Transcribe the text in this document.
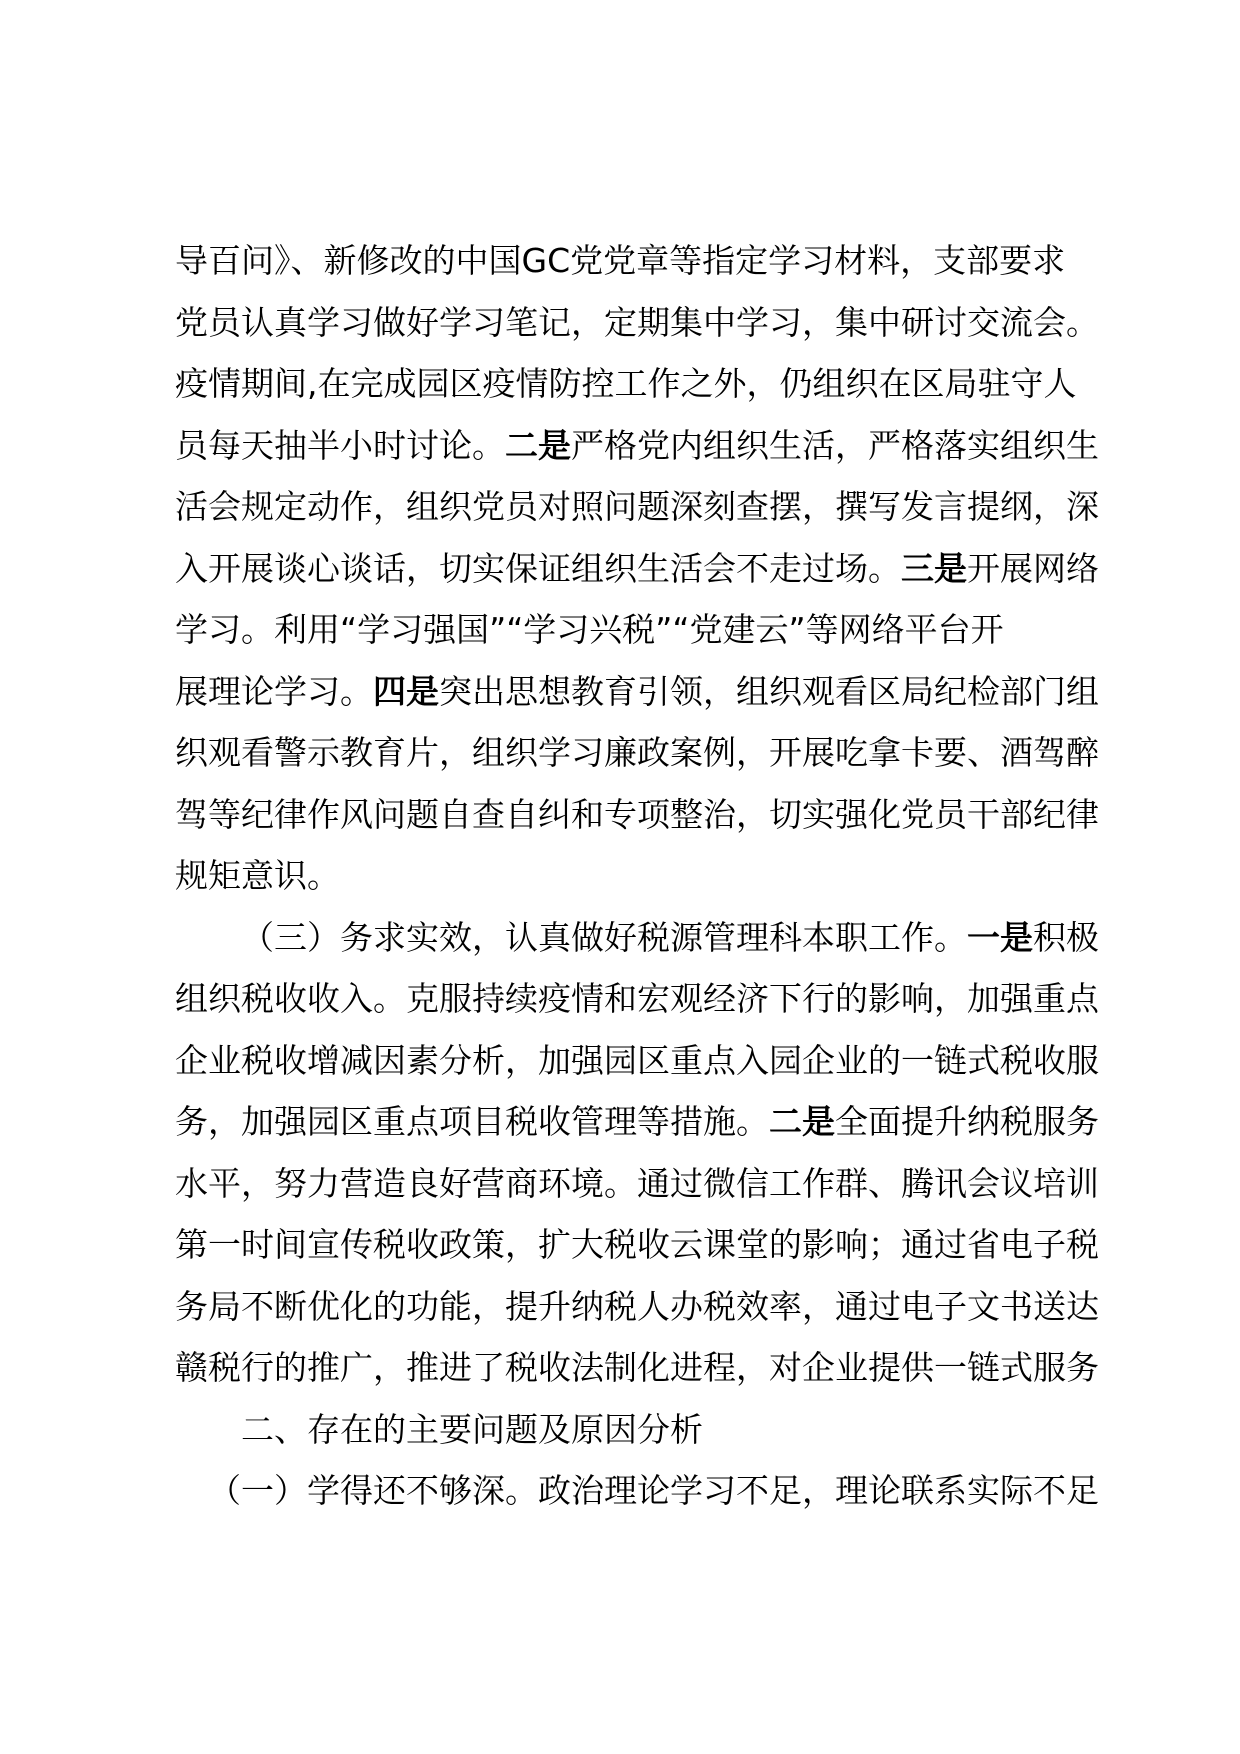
导百问》、新修改的中国GC党党章等指定学习材料，支部要求
党员认真学习做好学习笔记，定期集中学习，集中研讨交流会。
疫情期间,在完成园区疫情防控工作之外，仍组织在区局驻守人
员每天抽半小时讨论。二是严格党内组织生活，严格落实组织生
活会规定动作，组织党员对照问题深刻查摆，撰写发言提纲，深
入开展谈心谈话，切实保证组织生活会不走过场。三是开展网络
学习。利用“学习强国”“学习兴税”“党建云”等网络平台开
展理论学习。四是突出思想教育引领，组织观看区局纪检部门组
织观看警示教育片，组织学习廉政案例，开展吃拿卡要、酒驾醉
驾等纪律作风问题自查自纠和专项整治，切实强化党员干部纪律
规矩意识。
（三）务求实效，认真做好税源管理科本职工作。一是积极
组织税收收入。克服持续疫情和宏观经济下行的影响，加强重点
企业税收增减因素分析，加强园区重点入园企业的一链式税收服
务，加强园区重点项目税收管理等措施。二是全面提升纳税服务
水平，努力营造良好营商环境。通过微信工作群、腾讯会议培训
第一时间宣传税收政策，扩大税收云课堂的影响；通过省电子税
务局不断优化的功能，提升纳税人办税效率，通过电子文书送达
赣税行的推广，推进了税收法制化进程，对企业提供一链式服务
二、存在的主要问题及原因分析
（一）学得还不够深。政治理论学习不足，理论联系实际不足
